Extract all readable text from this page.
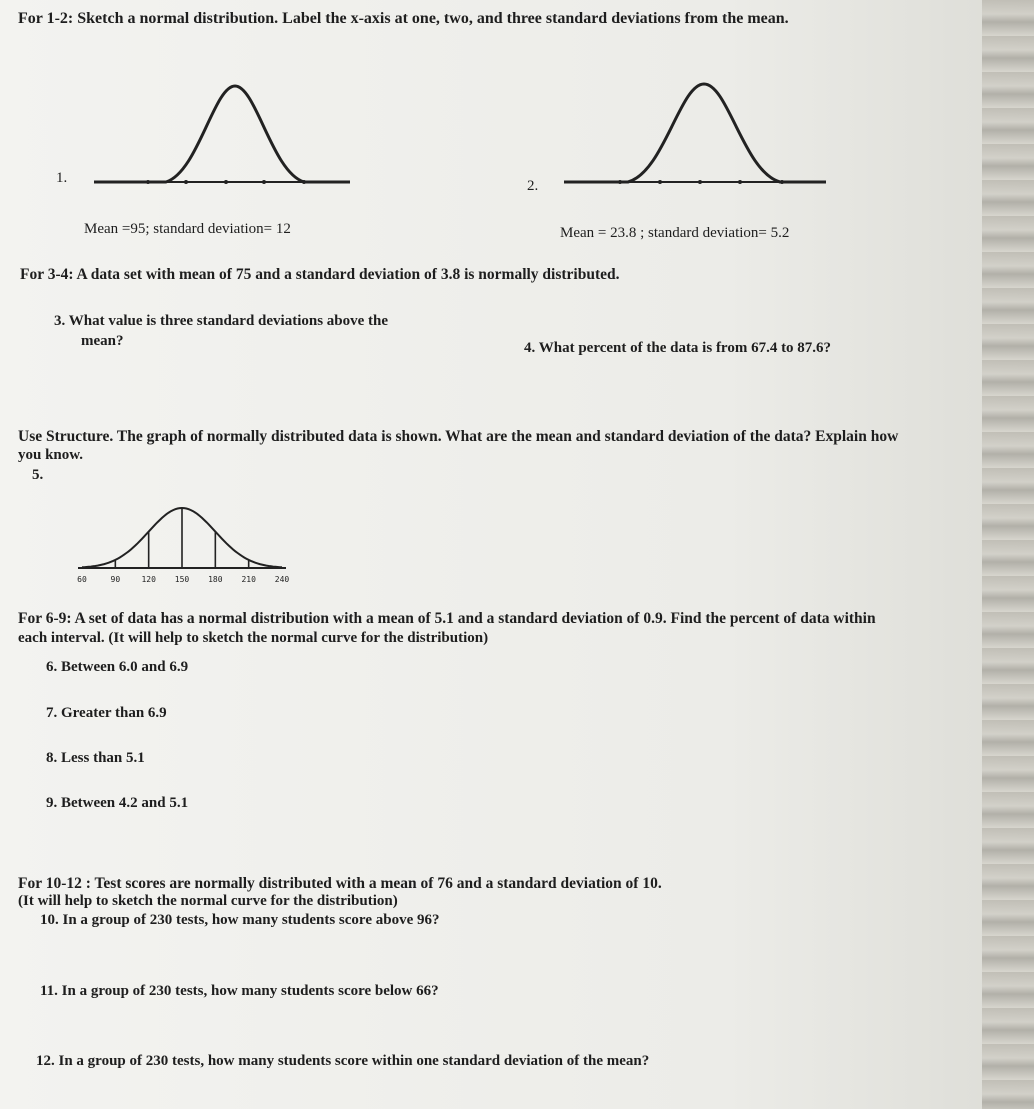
For 1-2: Sketch a normal distribution. Label the x-axis at one, two, and three standard deviations from the mean.
1.
Mean =95; standard deviation= 12
2.
Mean = 23.8 ; standard deviation= 5.2
For 3-4: A data set with mean of 75 and a standard deviation of 3.8 is normally distributed.
3. What value is three standard deviations above the
mean?	4. What percent of the data is from 67.4 to 87.6?
Use Structure. The graph of normally distributed data is shown. What are the mean and standard deviation of the data? Explain how
you know.
5.
60	90	120 150 180 210 240
For 6-9: A set of data has a normal distribution with a mean of 5.1 and a standard deviation of 0.9. Find the percent of data within
each interval. (It will help to sketch the normal curve for the distribution)
6. Between 6.0 and 6.9
7. Greater than 6.9
8. Less than 5.1
9. Between 4.2 and 5.1
For 10-12 : Test scores are normally distributed with a mean of 76 and a standard deviation of 10.
(It will help to sketch the normal curve for the distribution)
10. In a group of 230 tests, how many students score above 96?
11. In a group of 230 tests, how many students score below 66?
12. In a group of 230 tests, how many students score within one standard deviation of the mean?
